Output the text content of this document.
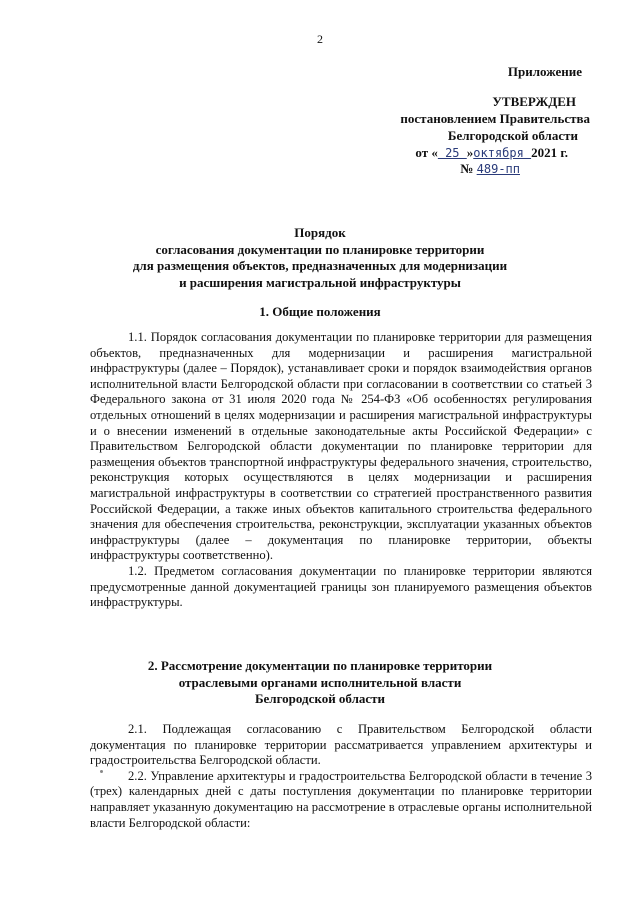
2
Приложение
УТВЕРЖДЕН
постановлением Правительства
Белгородской области
от « 25 »октября 2021 г.
№ 489-пп
Порядок
согласования документации по планировке территории
для размещения объектов, предназначенных для модернизации
и расширения магистральной инфраструктуры
1. Общие положения

1.1. Порядок согласования документации по планировке территории для размещения объектов, предназначенных для модернизации и расширения магистральной инфраструктуры (далее – Порядок), устанавливает сроки и порядок взаимодействия органов исполнительной власти Белгородской области при согласовании в соответствии со статьей 3 Федерального закона от 31 июля 2020 года № 254-ФЗ «Об особенностях регулирования отдельных отношений в целях модернизации и расширения магистральной инфраструктуры и о внесении изменений в отдельные законодательные акты Российской Федерации» с Правительством Белгородской области документации по планировке территории для размещения объектов транспортной инфраструктуры федерального значения, строительство, реконструкция которых осуществляются в целях модернизации и расширения магистральной инфраструктуры в соответствии со стратегией пространственного развития Российской Федерации, а также иных объектов капитального строительства федерального значения для обеспечения строительства, реконструкции, эксплуатации указанных объектов инфраструктуры (далее – документация по планировке территории, объекты инфраструктуры соответственно).

1.2. Предметом согласования документации по планировке территории являются предусмотренные данной документацией границы зон планируемого размещения объектов инфраструктуры.

2. Рассмотрение документации по планировке территории
отраслевыми органами исполнительной власти
Белгородской области

2.1. Подлежащая согласованию с Правительством Белгородской области документация по планировке территории рассматривается управлением архитектуры и градостроительства Белгородской области.

2.2. Управление архитектуры и градостроительства Белгородской области в течение 3 (трех) календарных дней с даты поступления документации по планировке территории направляет указанную документацию на рассмотрение в отраслевые органы исполнительной власти Белгородской области:
